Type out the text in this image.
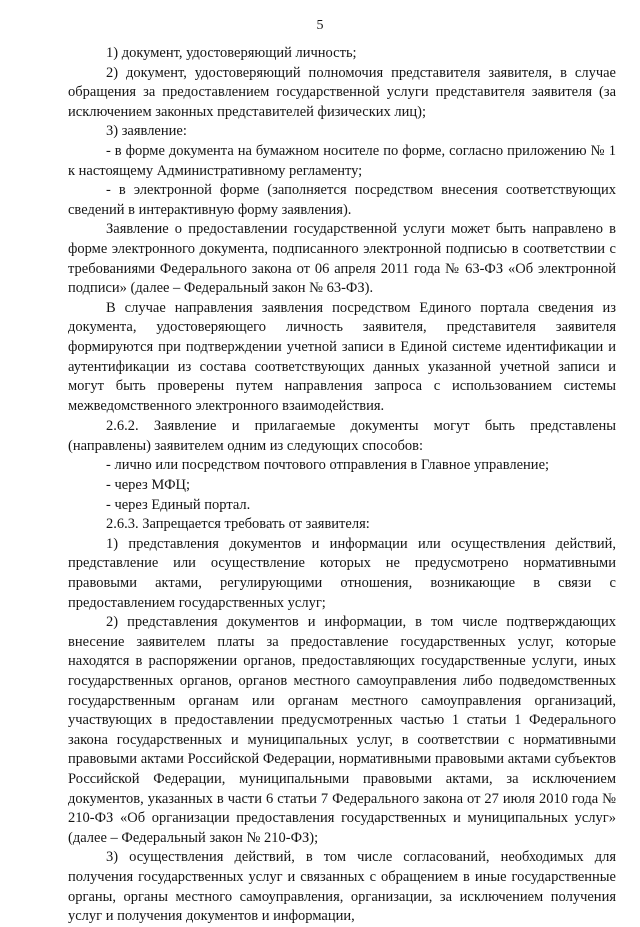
5

1) документ, удостоверяющий личность;

2) документ, удостоверяющий полномочия представителя заявителя, в случае обращения за предоставлением государственной услуги представителя заявителя (за исключением законных представителей физических лиц);

3) заявление:

- в форме документа на бумажном носителе по форме, согласно приложению № 1 к настоящему Административному регламенту;

- в электронной форме (заполняется посредством внесения соответствующих сведений в интерактивную форму заявления).

Заявление о предоставлении государственной услуги может быть направлено в форме электронного документа, подписанного электронной подписью в соответствии с требованиями Федерального закона от 06 апреля 2011 года № 63-ФЗ «Об электронной подписи» (далее – Федеральный закон № 63-ФЗ).

В случае направления заявления посредством Единого портала сведения из документа, удостоверяющего личность заявителя, представителя заявителя формируются при подтверждении учетной записи в Единой системе идентификации и аутентификации из состава соответствующих данных указанной учетной записи и могут быть проверены путем направления запроса с использованием системы межведомственного электронного взаимодействия.

2.6.2. Заявление и прилагаемые документы могут быть представлены (направлены) заявителем одним из следующих способов:

- лично или посредством почтового отправления в Главное управление;

- через МФЦ;

- через Единый портал.

2.6.3. Запрещается требовать от заявителя:

1) представления документов и информации или осуществления действий, представление или осуществление которых не предусмотрено нормативными правовыми актами, регулирующими отношения, возникающие в связи с предоставлением государственных услуг;

2) представления документов и информации, в том числе подтверждающих внесение заявителем платы за предоставление государственных услуг, которые находятся в распоряжении органов, предоставляющих государственные услуги, иных государственных органов, органов местного самоуправления либо подведомственных государственным органам или органам местного самоуправления организаций, участвующих в предоставлении предусмотренных частью 1 статьи 1 Федерального закона государственных и муниципальных услуг, в соответствии с нормативными правовыми актами Российской Федерации, нормативными правовыми актами субъектов Российской Федерации, муниципальными правовыми актами, за исключением документов, указанных в части 6 статьи 7 Федерального закона от 27 июля 2010 года № 210-ФЗ «Об организации предоставления государственных и муниципальных услуг» (далее – Федеральный закон № 210-ФЗ);

3) осуществления действий, в том числе согласований, необходимых для получения государственных услуг и связанных с обращением в иные государственные органы, органы местного самоуправления, организации, за исключением получения услуг и получения документов и информации,
